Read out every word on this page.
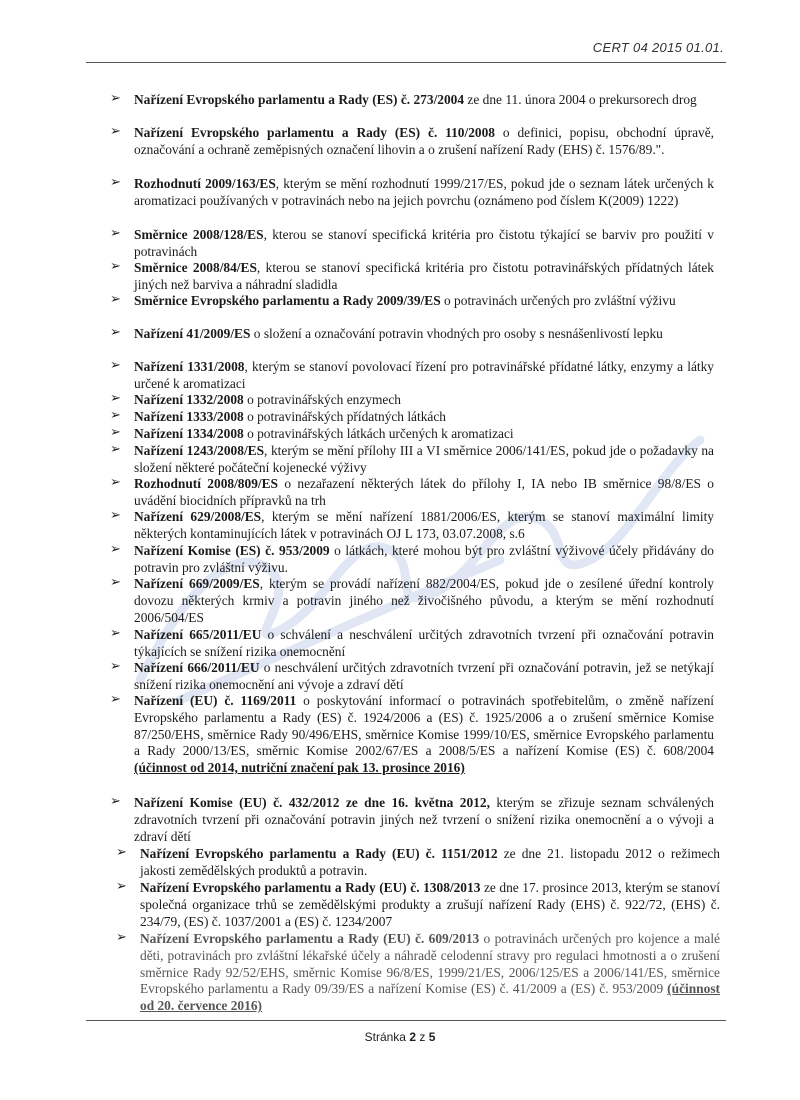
CERT 04 2015 01.01.
➢ Nařízení Evropského parlamentu a Rady (ES) č. 273/2004 ze dne 11. února 2004 o prekursorech drog
➢ Nařízení Evropského parlamentu a Rady (ES) č. 110/2008 o definici, popisu, obchodní úpravě, označování a ochraně zeměpisných označení lihovin a o zrušení nařízení Rady (EHS) č. 1576/89.".
➢ Rozhodnutí 2009/163/ES, kterým se mění rozhodnutí 1999/217/ES, pokud jde o seznam látek určených k aromatizaci používaných v potravinách nebo na jejich povrchu (oznámeno pod číslem K(2009) 1222)
➢ Směrnice 2008/128/ES, kterou se stanoví specifická kritéria pro čistotu týkající se barviv pro použití v potravinách
➢ Směrnice 2008/84/ES, kterou se stanoví specifická kritéria pro čistotu potravinářských přídatných látek jiných než barviva a náhradní sladidla
➢ Směrnice Evropského parlamentu a Rady 2009/39/ES o potravinách určených pro zvláštní výživu
➢ Nařízení 41/2009/ES o složení a označování potravin vhodných pro osoby s nesnášenlivostí lepku
➢ Nařízení 1331/2008, kterým se stanoví povolovací řízení pro potravinářské přídatné látky, enzymy a látky určené k aromatizaci
➢ Nařízení 1332/2008 o potravinářských enzymech
➢ Nařízení 1333/2008 o potravinářských přídatných látkách
➢ Nařízení 1334/2008 o potravinářských látkách určených k aromatizaci
➢ Nařízení 1243/2008/ES, kterým se mění přílohy III a VI směrnice 2006/141/ES, pokud jde o požadavky na složení některé počáteční kojenecké výživy
➢ Rozhodnutí 2008/809/ES o nezařazení některých látek do přílohy I, IA nebo IB směrnice 98/8/ES o uvádění biocidních přípravků na trh
➢ Nařízení 629/2008/ES, kterým se mění nařízení 1881/2006/ES, kterým se stanoví maximální limity některých kontaminujících látek v potravinách OJ L 173, 03.07.2008, s.6
➢ Nařízení Komise (ES) č. 953/2009 o látkách, které mohou být pro zvláštní výživové účely přidávány do potravin pro zvláštní výživu.
➢ Nařízení 669/2009/ES, kterým se provádí nařízení 882/2004/ES, pokud jde o zesílené úřední kontroly dovozu některých krmiv a potravin jiného než živočišného původu, a kterým se mění rozhodnutí 2006/504/ES
➢ Nařízení 665/2011/EU o schválení a neschválení určitých zdravotních tvrzení při označování potravin týkajících se snížení rizika onemocnění
➢ Nařízení 666/2011/EU o neschválení určitých zdravotních tvrzení při označování potravin, jež se netýkají snížení rizika onemocnění ani vývoje a zdraví dětí
➢ Nařízení (EU) č. 1169/2011 o poskytování informací o potravinách spotřebitelům, o změně nařízení Evropského parlamentu a Rady (ES) č. 1924/2006 a (ES) č. 1925/2006 a o zrušení směrnice Komise 87/250/EHS, směrnice Rady 90/496/EHS, směrnice Komise 1999/10/ES, směrnice Evropského parlamentu a Rady 2000/13/ES, směrnic Komise 2002/67/ES a 2008/5/ES a nařízení Komise (ES) č. 608/2004 (účinnost od 2014, nutriční značení pak 13. prosince 2016)
➢ Nařízení Komise (EU) č. 432/2012 ze dne 16. května 2012, kterým se zřizuje seznam schválených zdravotních tvrzení při označování potravin jiných než tvrzení o snížení rizika onemocnění a o vývoji a zdraví dětí
➢ Nařízení Evropského parlamentu a Rady (EU) č. 1151/2012 ze dne 21. listopadu 2012 o režimech jakosti zemědělských produktů a potravin.
➢ Nařízení Evropského parlamentu a Rady (EU) č. 1308/2013 ze dne 17. prosince 2013, kterým se stanoví společná organizace trhů se zemědělskými produkty a zrušují nařízení Rady (EHS) č. 922/72, (EHS) č. 234/79, (ES) č. 1037/2001 a (ES) č. 1234/2007
➢ Nařízení Evropského parlamentu a Rady (EU) č. 609/2013 o potravinách určených pro kojence a malé děti, potravinách pro zvláštní lékařské účely a náhradě celodenní stravy pro regulaci hmotnosti a o zrušení směrnice Rady 92/52/EHS, směrnic Komise 96/8/ES, 1999/21/ES, 2006/125/ES a 2006/141/ES, směrnice Evropského parlamentu a Rady 09/39/ES a nařízení Komise (ES) č. 41/2009 a (ES) č. 953/2009 (účinnost od 20. července 2016)
Stránka 2 z 5
